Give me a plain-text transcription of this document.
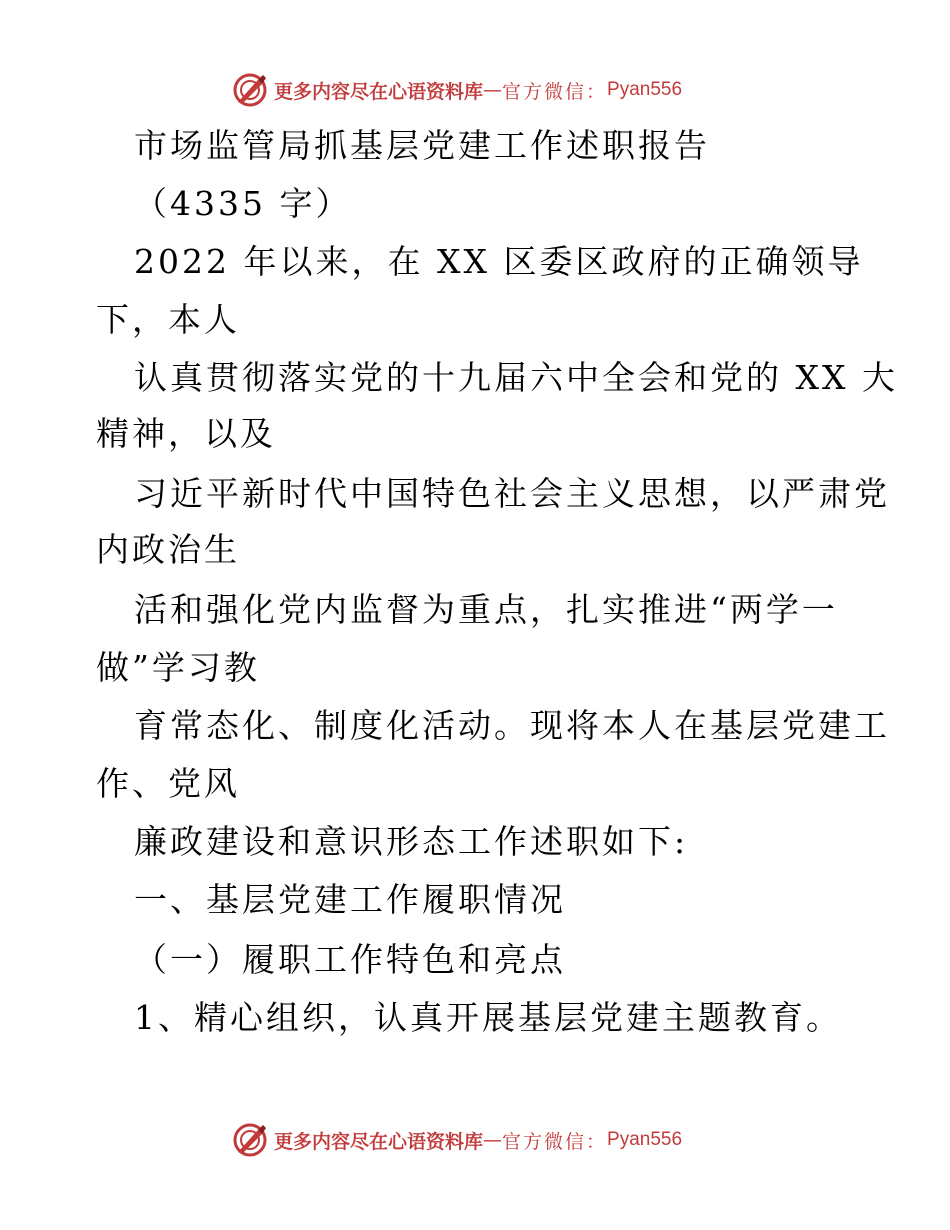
更多内容尽在心语资料库 — 官方微信： Pyan556
市场监管局抓基层党建工作述职报告
（4335 字）
2022 年以来，在 XX 区委区政府的正确领导
下，本人
认真贯彻落实党的十九届六中全会和党的 XX 大
精神，以及
习近平新时代中国特色社会主义思想，以严肃党
内政治生
活和强化党内监督为重点，扎实推进“两学一
做”学习教
育常态化、制度化活动。现将本人在基层党建工
作、党风
廉政建设和意识形态工作述职如下:
一、基层党建工作履职情况
（一）履职工作特色和亮点
1、精心组织，认真开展基层党建主题教育。
更多内容尽在心语资料库 — 官方微信： Pyan556
